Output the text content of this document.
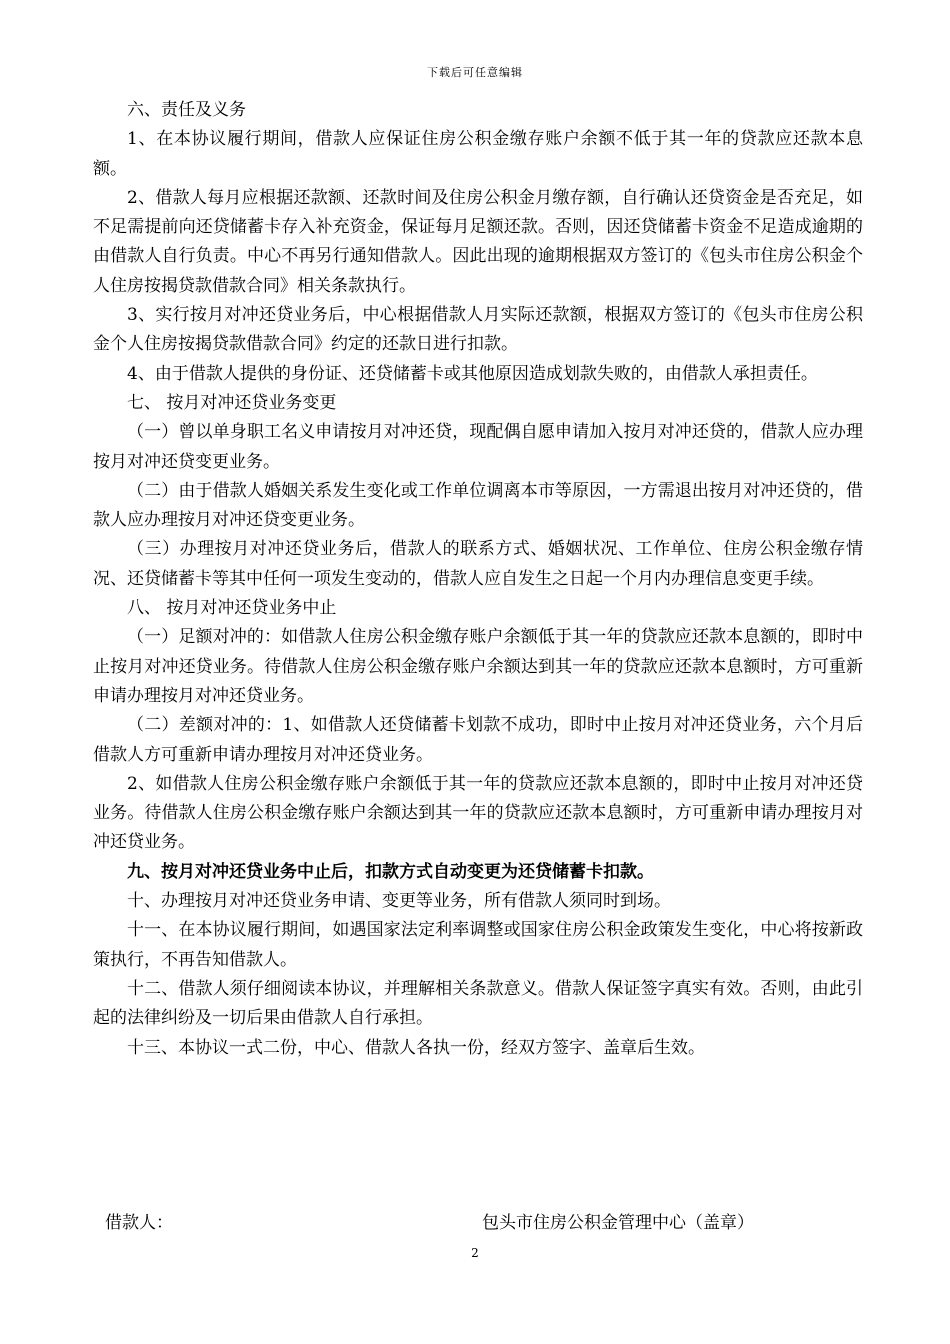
下载后可任意编辑

六、责任及义务

1、在本协议履行期间，借款人应保证住房公积金缴存账户余额不低于其一年的贷款应还款本息额。

2、借款人每月应根据还款额、还款时间及住房公积金月缴存额，自行确认还贷资金是否充足，如不足需提前向还贷储蓄卡存入补充资金，保证每月足额还款。否则，因还贷储蓄卡资金不足造成逾期的由借款人自行负责。中心不再另行通知借款人。因此出现的逾期根据双方签订的《包头市住房公积金个人住房按揭贷款借款合同》相关条款执行。

3、实行按月对冲还贷业务后，中心根据借款人月实际还款额，根据双方签订的《包头市住房公积金个人住房按揭贷款借款合同》约定的还款日进行扣款。

4、由于借款人提供的身份证、还贷储蓄卡或其他原因造成划款失败的，由借款人承担责任。

七、 按月对冲还贷业务变更

（一）曾以单身职工名义申请按月对冲还贷，现配偶自愿申请加入按月对冲还贷的，借款人应办理按月对冲还贷变更业务。

（二）由于借款人婚姻关系发生变化或工作单位调离本市等原因，一方需退出按月对冲还贷的，借款人应办理按月对冲还贷变更业务。

（三）办理按月对冲还贷业务后，借款人的联系方式、婚姻状况、工作单位、住房公积金缴存情况、还贷储蓄卡等其中任何一项发生变动的，借款人应自发生之日起一个月内办理信息变更手续。

八、 按月对冲还贷业务中止

（一）足额对冲的：如借款人住房公积金缴存账户余额低于其一年的贷款应还款本息额的，即时中止按月对冲还贷业务。待借款人住房公积金缴存账户余额达到其一年的贷款应还款本息额时，方可重新申请办理按月对冲还贷业务。

（二）差额对冲的：1、如借款人还贷储蓄卡划款不成功，即时中止按月对冲还贷业务，六个月后借款人方可重新申请办理按月对冲还贷业务。

2、如借款人住房公积金缴存账户余额低于其一年的贷款应还款本息额的，即时中止按月对冲还贷业务。待借款人住房公积金缴存账户余额达到其一年的贷款应还款本息额时，方可重新申请办理按月对冲还贷业务。

九、按月对冲还贷业务中止后，扣款方式自动变更为还贷储蓄卡扣款。

十、办理按月对冲还贷业务申请、变更等业务，所有借款人须同时到场。

十一、在本协议履行期间，如遇国家法定利率调整或国家住房公积金政策发生变化，中心将按新政策执行，不再告知借款人。

十二、借款人须仔细阅读本协议，并理解相关条款意义。借款人保证签字真实有效。否则，由此引起的法律纠纷及一切后果由借款人自行承担。

十三、本协议一式二份，中心、借款人各执一份，经双方签字、盖章后生效。

借款人：	包头市住房公积金管理中心（盖章）
2
